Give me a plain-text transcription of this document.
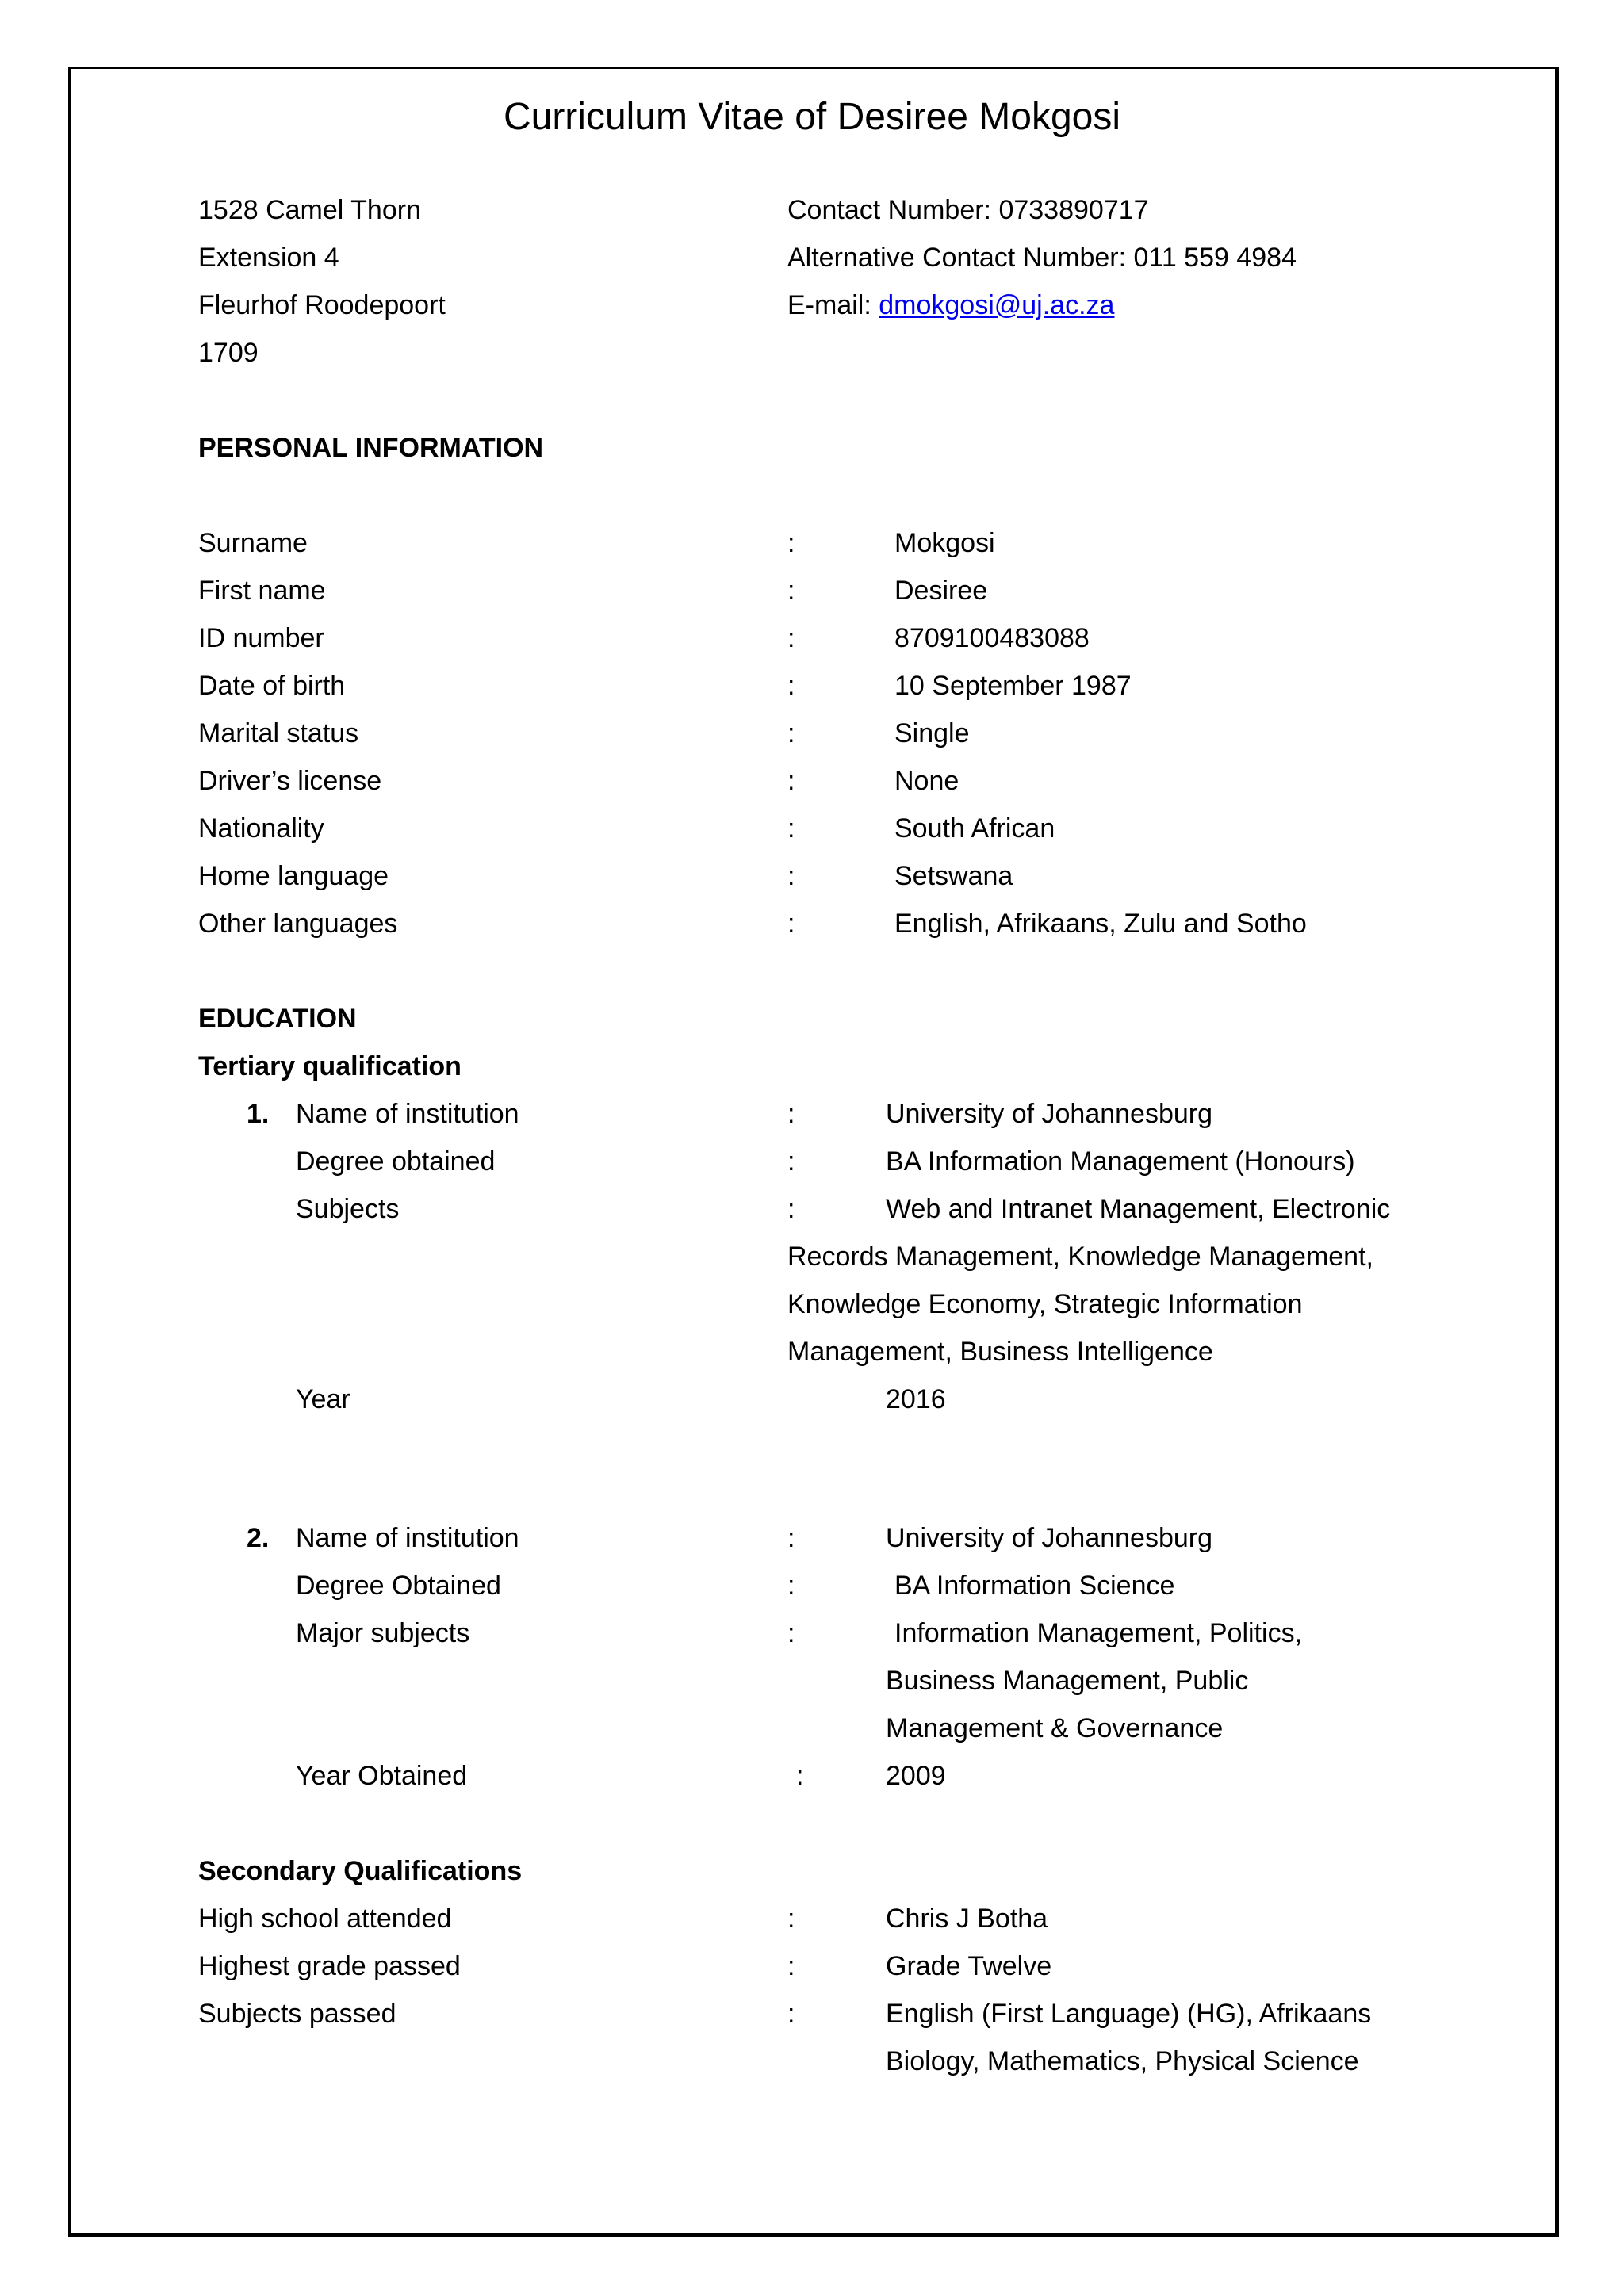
Curriculum Vitae of Desiree Mokgosi
1528 Camel Thorn
Extension 4
Fleurhof Roodepoort
1709
Contact Number: 0733890717
Alternative Contact Number: 011 559 4984
E-mail: dmokgosi@uj.ac.za
PERSONAL INFORMATION
Surname	:	Mokgosi
First name	:	Desiree
ID number	:	8709100483088
Date of birth	:	10 September 1987
Marital status	:	Single
Driver’s license	:	None
Nationality	:	South African
Home language	:	Setswana
Other languages	:	English, Afrikaans, Zulu and Sotho
EDUCATION
Tertiary qualification
1. Name of institution	:	University of Johannesburg
Degree obtained	:	BA Information Management (Honours)
Subjects	:	Web and Intranet Management, Electronic
Records Management, Knowledge Management,
Knowledge Economy, Strategic Information
Management, Business Intelligence
Year	2016
2. Name of institution	:	University of Johannesburg
Degree Obtained	:	BA Information Science
Major subjects	:	Information Management, Politics,
Business Management, Public
Management & Governance
Year Obtained	:	2009
Secondary Qualifications
High school attended	:	Chris J Botha
Highest grade passed	:	Grade Twelve
Subjects passed	:	English (First Language) (HG), Afrikaans
Biology, Mathematics, Physical Science
